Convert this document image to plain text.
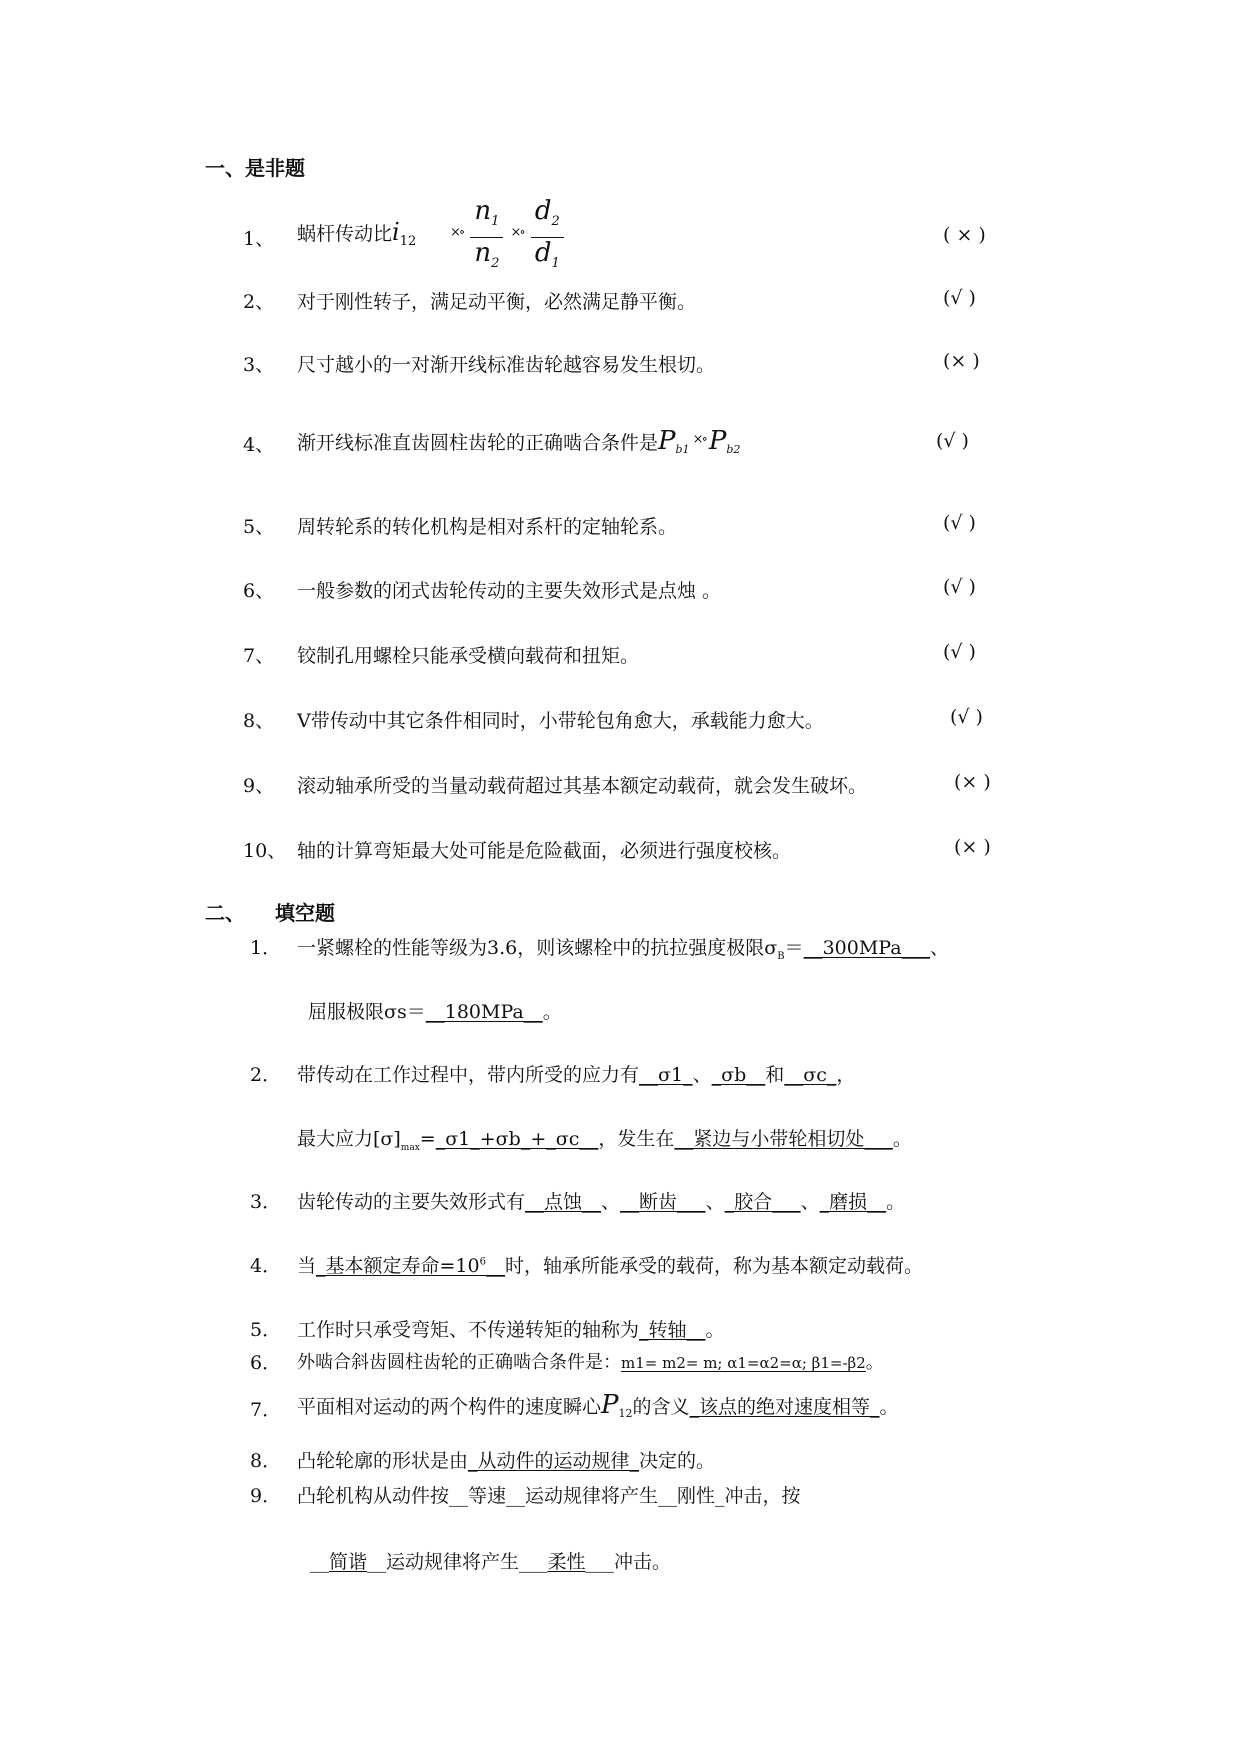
一、是非题
1、 蜗杆传动比$i_{12}$
$^{\times\circ} \frac{n_1}{n_2} ^{\times\circ} \frac{d_2}{d_1}$	( × )
2、 对于刚性转子，满足动平衡，必然满足静平衡。	(√ )
3、 尺寸越小的一对渐开线标准齿轮越容易发生根切。	(× )
4、 渐开线标准直齿圆柱齿轮的正确啮合条件是$P_{b1}^{\times\circ}$ $P_{b2}$	(√ )
5、 周转轮系的转化机构是相对系杆的定轴轮系。	(√ )
6、 一般参数的闭式齿轮传动的主要失效形式是点烛 。	(√ )
7、 铰制孔用螺栓只能承受横向载荷和扭矩。	(√ )
8、 V带传动中其它条件相同时，小带轮包角愈大，承载能力愈大。	(√ )
9、 滚动轴承所受的当量动载荷超过其基本额定动载荷，就会发生破坏。	(× )
10、 轴的计算弯矩最大处可能是危险截面，必须进行强度校核。	(× )
二、 填空题
1． 一紧螺栓的性能等级为3.6，则该螺栓中的抗拉强度极限$\sigma_B=\_\_300MPa\_\_\_$、
屈服极限σs＝__180MPa__。
2． 带传动在工作过程中，带内所受的应力有__σ1_、_σb__和__σc_，
最大应力$[\sigma]_{max}=\_\sigma 1\_+\sigma b\_+\_\sigma c\_\_$，发生在__紧边与小带轮相切处___。
3． 齿轮传动的主要失效形式有__点蚀__、__断齿___、_胶合___、_磨损__。
4． 当_基本额定寿命$=10^6\_\_$时，轴承所能承受的载荷，称为基本额定动载荷。
5． 工作时只承受弯矩、不传递转矩的轴称为_转轴__。
6． 外啮合斜齿圆柱齿轮的正确啮合条件是：m1= m2= m; α1=α2=α; β1=-β2。
7． 平面相对运动的两个构件的速度瞬心$P_{12}$的含义_该点的绝对速度相等_。
8． 凸轮轮廓的形状是由_从动件的运动规律_决定的。
9． 凸轮机构从动件按__等速__运动规律将产生__刚性_冲击，按
__简谐__运动规律将产生___柔性___冲击。
